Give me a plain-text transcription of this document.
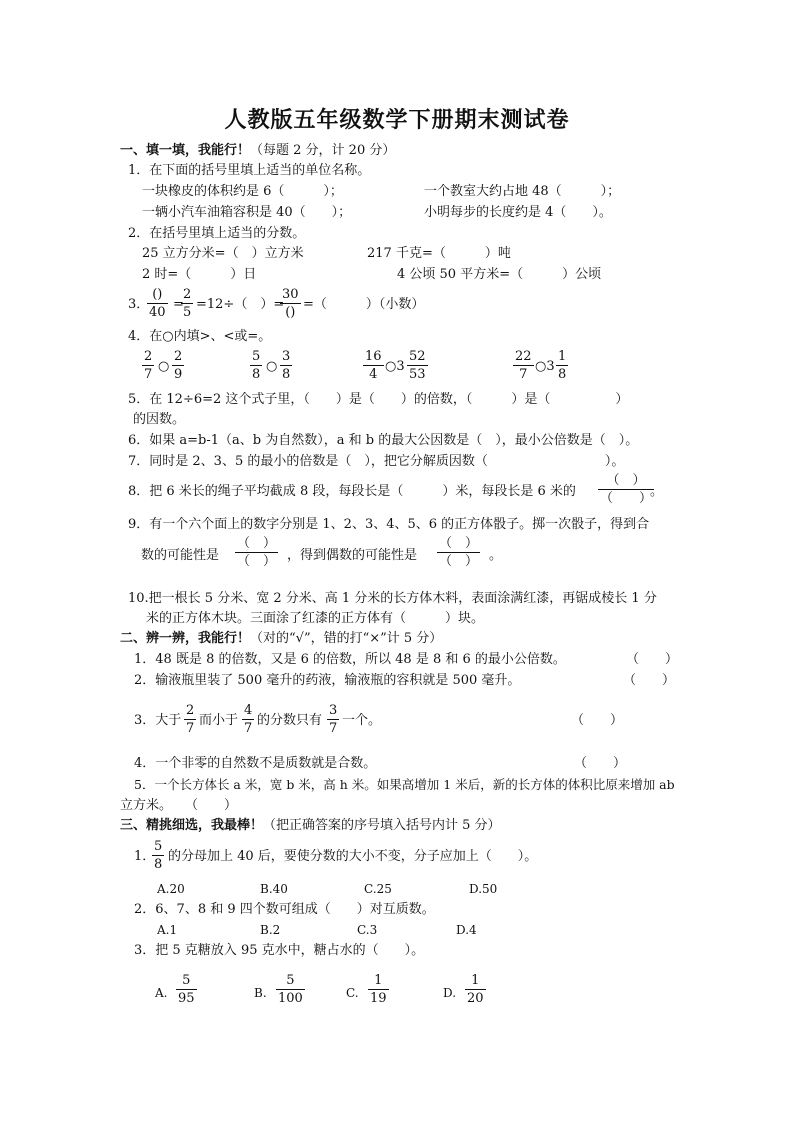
人教版五年级数学下册期末测试卷
一、填一填，我能行！（每题 2 分，计 20 分）
1．在下面的括号里填上适当的单位名称。
一块橡皮的体积约是 6（　　　）；	一个教室大约占地 48（　　　）；
一辆小汽车油箱容积是 40（　　）；	小明每步的长度约是 4（　　）。
2．在括号里填上适当的分数。
25 立方分米=（　）立方米	217 千克=（　　　）吨
2 时=（　　　）日	4 公顷 50 平方米=（　　　）公顷
3．
()
40
=
2
5
=12÷（　）=
30
()
=（　　　）（小数）
4．在○内填>、<或=。
2
7
○
2
9
5
8
○
3
8
16
4
○3
52
53
22
7
○3
1
8
5．在 12÷6=2 这个式子里，（　　）是（　　）的倍数，（　　　）是（　　　　　）
的因数。
6．如果 a=b-1（a、b 为自然数），a 和 b 的最大公因数是（　），最小公倍数是（　）。
7．同时是 2、3、5 的最小的倍数是（　），把它分解质因数（　　　　　　　　　）。
8．把 6 米长的绳子平均截成 8 段，每段长是（　　　）米，每段长是 6 米的
（　）
（　　）
。
9．有一个六个面上的数字分别是 1、2、3、4、5、6 的正方体骰子。掷一次骰子，得到合
数的可能性是
（　）
（　） ，得到偶数的可能性是
（　）
（　） 。
10.把一根长 5 分米、宽 2 分米、高 1 分米的长方体木料，表面涂满红漆，再锯成棱长 1 分
米的正方体木块。三面涂了红漆的正方体有（　　　）块。
二、辨一辨，我能行！（对的“√”，错的打“×”计 5 分）
1．48 既是 8 的倍数，又是 6 的倍数，所以 48 是 8 和 6 的最小公倍数。	（　　）
2．输液瓶里装了 500 毫升的药液，输液瓶的容积就是 500 毫升。	（　　）
3．大于
2
7
而小于
4
7
的分数只有
3
7
一个。	（　　）
4．一个非零的自然数不是质数就是合数。	（　　）
5．一个长方体长 a 米，宽 b 米，高 h 米。如果高增加 1 米后，新的长方体的体积比原来增加 ab
立方米。　　（　　）
三、精挑细选，我最棒！（把正确答案的序号填入括号内计 5 分）
1．
5
8
的分母加上 40 后，要使分数的大小不变，分子应加上（　　）。
A.20	B.40	C.25	D.50
2．6、7、8 和 9 四个数可组成（　　）对互质数。
A.1	B.2	C.3	D.4
3．把 5 克糖放入 95 克水中，糖占水的（　　）。
A.
5
95	B.
5
100	C.
1
19	D.
1
20
